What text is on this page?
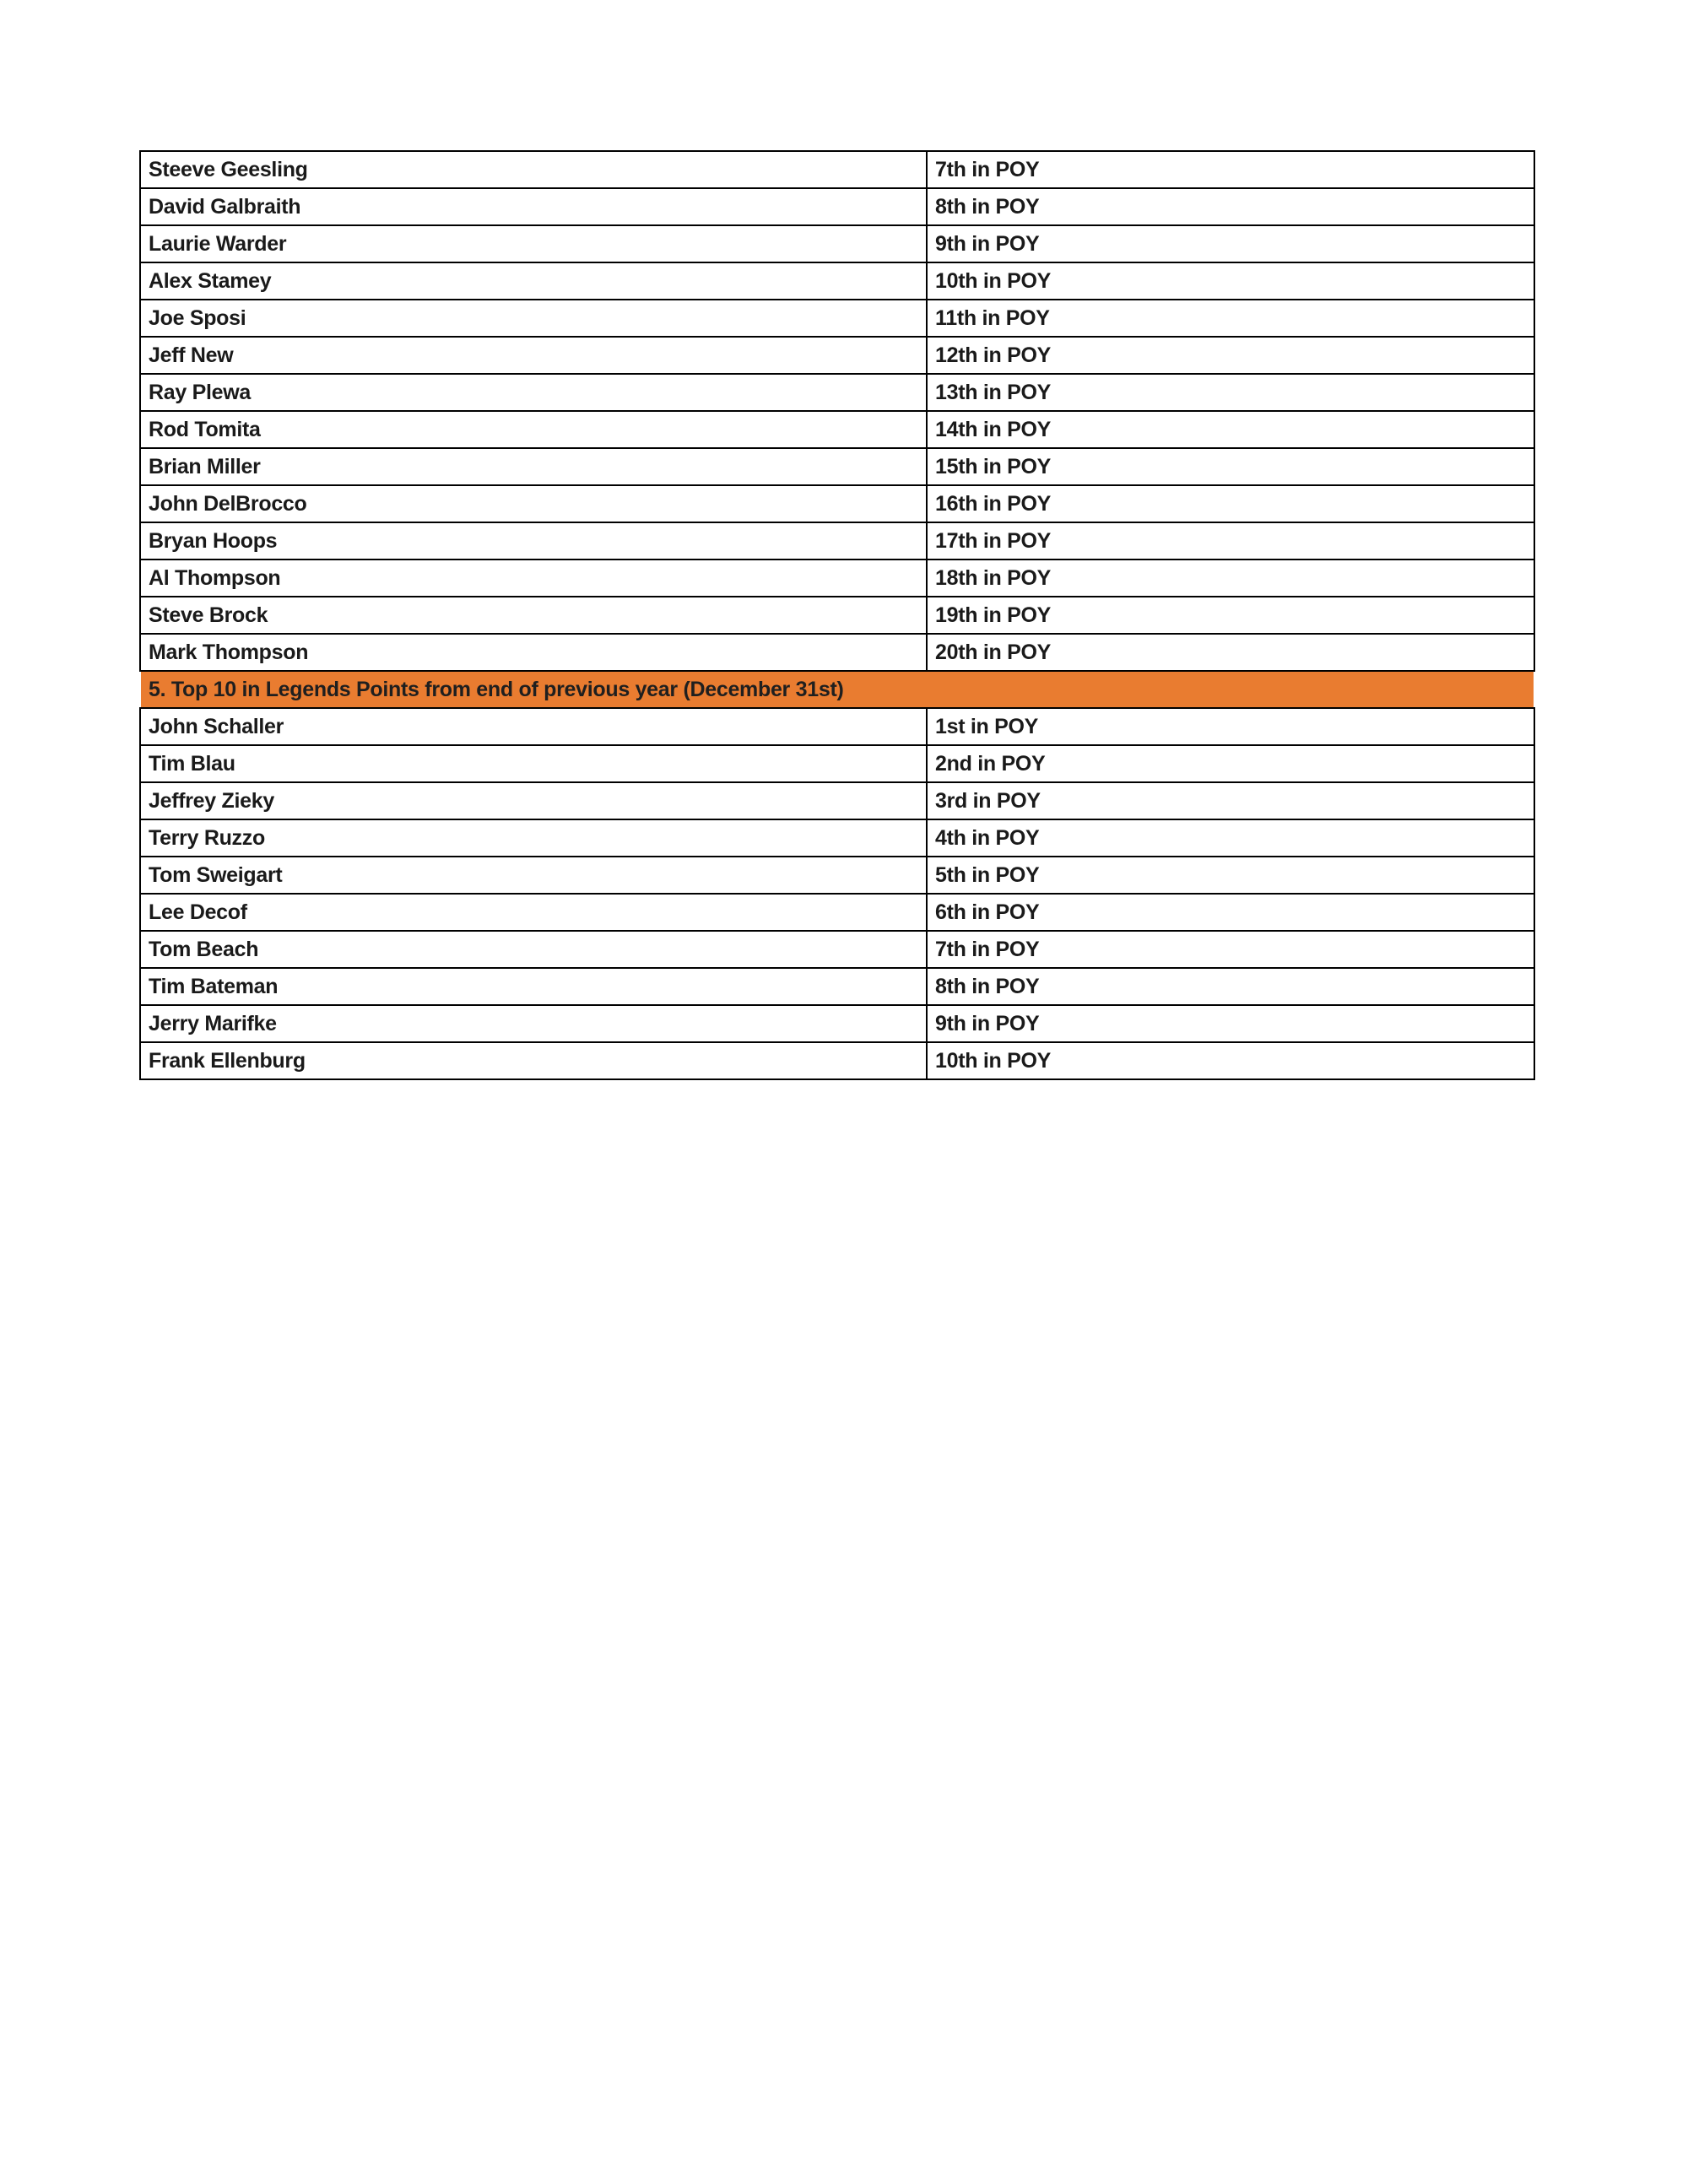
Steeve Geesling	7th in POY
David Galbraith	8th in POY
Laurie Warder	9th in POY
Alex Stamey	10th in POY
Joe Sposi	11th in POY
Jeff New	12th in POY
Ray Plewa	13th in POY
Rod Tomita	14th in POY
Brian Miller	15th in POY
John DelBrocco	16th in POY
Bryan Hoops	17th in POY
Al Thompson	18th in POY
Steve Brock	19th in POY
Mark Thompson	20th in POY
5. Top 10 in Legends Points from end of previous year (December 31st)	
John Schaller	1st in POY
Tim Blau	2nd in POY
Jeffrey Zieky	3rd in POY
Terry Ruzzo	4th in POY
Tom Sweigart	5th in POY
Lee Decof	6th in POY
Tom Beach	7th in POY
Tim Bateman	8th in POY
Jerry Marifke	9th in POY
Frank Ellenburg	10th in POY
